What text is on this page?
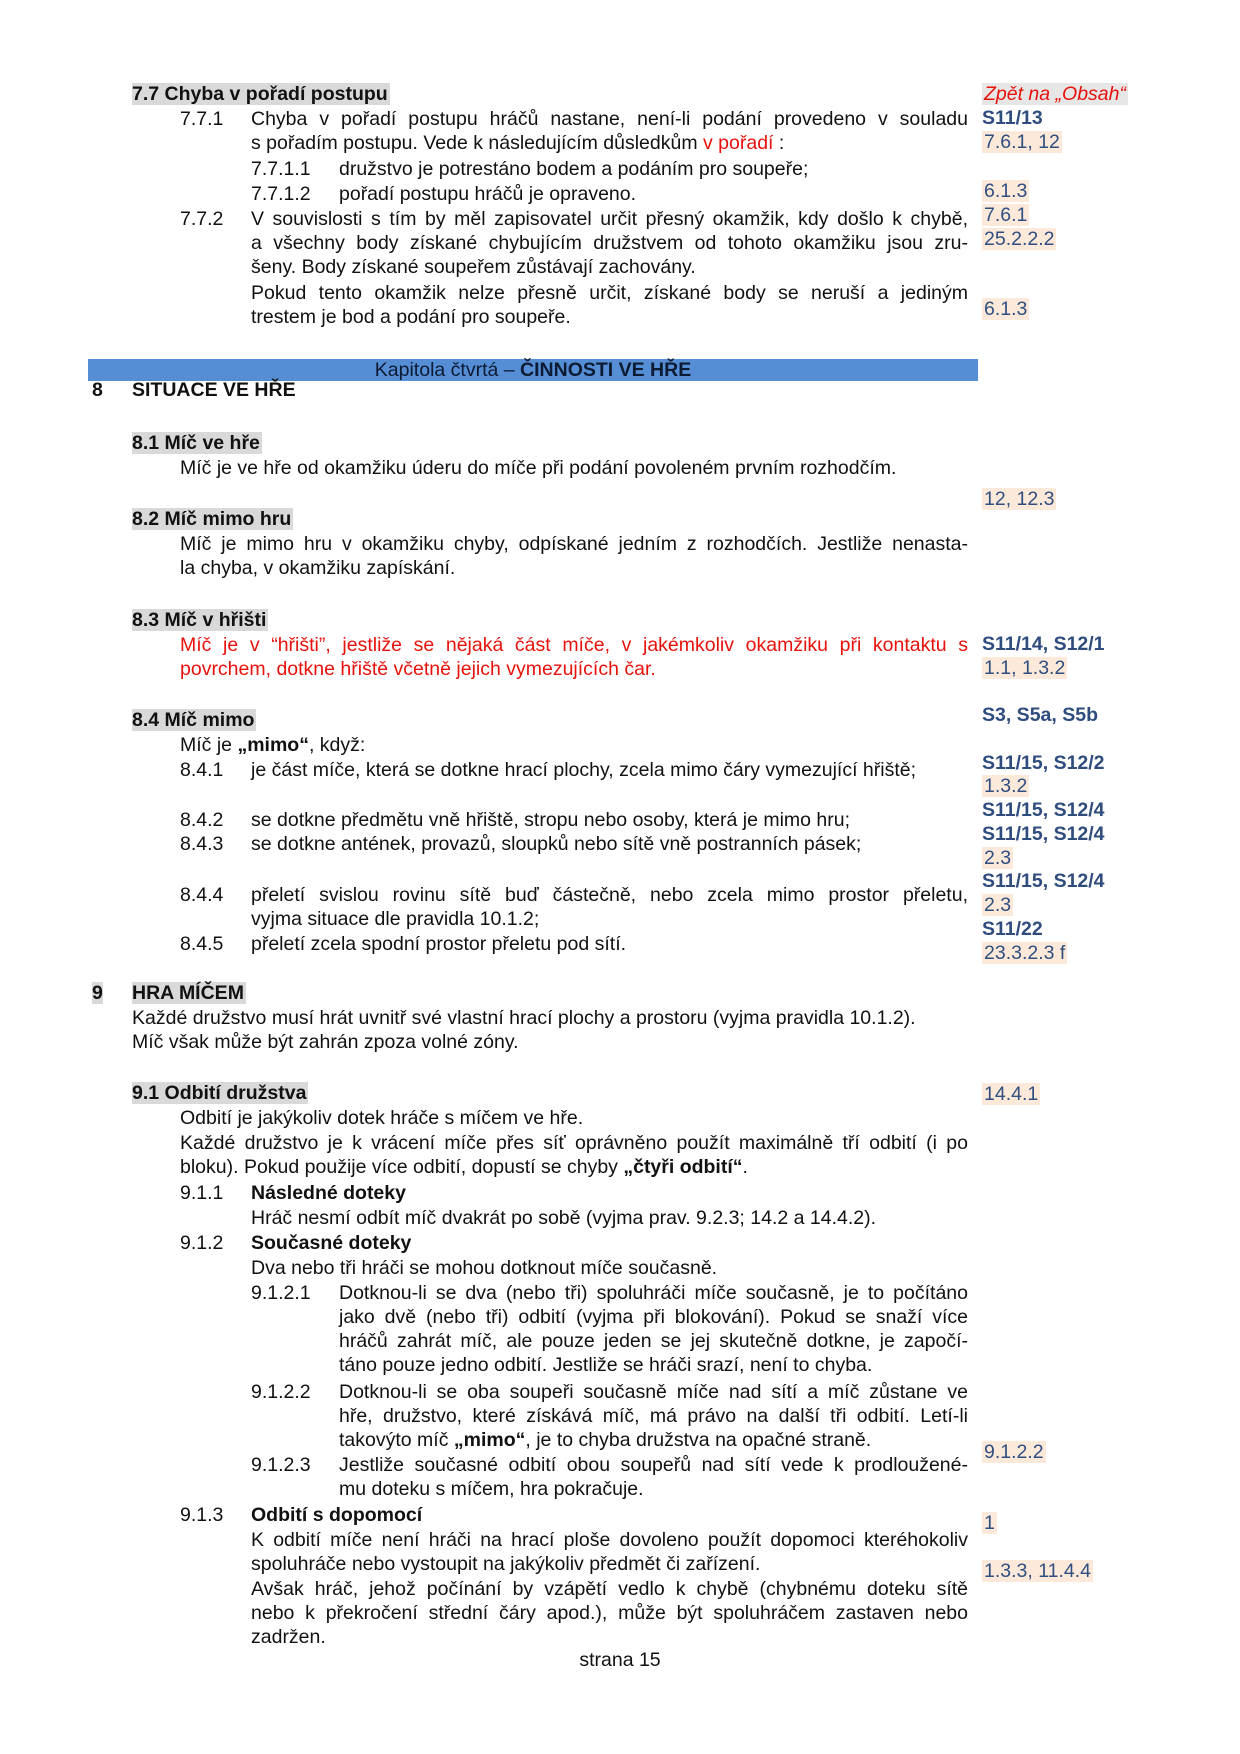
7.7 Chyba v pořadí postupu
7.7.1 Chyba v pořadí postupu hráčů nastane, není-li podání provedeno v souladu
s pořadím postupu. Vede k následujícím důsledkům v pořadí :
7.7.1.1 družstvo je potrestáno bodem a podáním pro soupeře;
7.7.1.2 pořadí postupu hráčů je opraveno.
7.7.2 V souvislosti s tím by měl zapisovatel určit přesný okamžik, kdy došlo k chybě,
a všechny body získané chybujícím družstvem od tohoto okamžiku jsou zru-
šeny. Body získané soupeřem zůstávají zachovány.
Pokud tento okamžik nelze přesně určit, získané body se neruší a jediným
trestem je bod a podání pro soupeře.
Kapitola čtvrtá – ČINNOSTI VE HŘE
8 SITUACE VE HŘE
8.1 Míč ve hře
Míč je ve hře od okamžiku úderu do míče při podání povoleném prvním rozhodčím.
8.2 Míč mimo hru
Míč je mimo hru v okamžiku chyby, odpískané jedním z rozhodčích. Jestliže nenasta-
la chyba, v okamžiku zapískání.
8.3 Míč v hřišti
Míč je v “hřišti”, jestliže se nějaká část míče, v jakémkoliv okamžiku při kontaktu s
povrchem, dotkne hřiště včetně jejich vymezujících čar.
8.4 Míč mimo
Míč je „mimo“, když:
8.4.1 je část míče, která se dotkne hrací plochy, zcela mimo čáry vymezující hřiště;
8.4.2 se dotkne předmětu vně hřiště, stropu nebo osoby, která je mimo hru;
8.4.3 se dotkne antének, provazů, sloupků nebo sítě vně postranních pásek;
8.4.4 přeletí svislou rovinu sítě buď částečně, nebo zcela mimo prostor přeletu,
vyjma situace dle pravidla 10.1.2;
8.4.5 přeletí zcela spodní prostor přeletu pod sítí.
9 HRA MÍČEM
Každé družstvo musí hrát uvnitř své vlastní hrací plochy a prostoru (vyjma pravidla 10.1.2).
Míč však může být zahrán zpoza volné zóny.
9.1 Odbití družstva
Odbití je jakýkoliv dotek hráče s míčem ve hře.
Každé družstvo je k vrácení míče přes síť oprávněno použít maximálně tří odbití (i po
bloku). Pokud použije více odbití, dopustí se chyby „čtyři odbití“.
9.1.1 Následné doteky
Hráč nesmí odbít míč dvakrát po sobě (vyjma prav. 9.2.3; 14.2 a 14.4.2).
9.1.2 Současné doteky
Dva nebo tři hráči se mohou dotknout míče současně.
9.1.2.1 Dotknou-li se dva (nebo tři) spoluhráči míče současně, je to počítáno
jako dvě (nebo tři) odbití (vyjma při blokování). Pokud se snaží více
hráčů zahrát míč, ale pouze jeden se jej skutečně dotkne, je započí-
táno pouze jedno odbití. Jestliže se hráči srazí, není to chyba.
9.1.2.2 Dotknou-li se oba soupeři současně míče nad sítí a míč zůstane ve
hře, družstvo, které získává míč, má právo na další tři odbití. Letí-li
takovýto míč „mimo“, je to chyba družstva na opačné straně.
9.1.2.3 Jestliže současné odbití obou soupeřů nad sítí vede k prodloužené-
mu doteku s míčem, hra pokračuje.
9.1.3 Odbití s dopomocí
K odbití míče není hráči na hrací ploše dovoleno použít dopomoci kteréhokoliv
spoluhráče nebo vystoupit na jakýkoliv předmět či zařízení.
Avšak hráč, jehož počínání by vzápětí vedlo k chybě (chybnému doteku sítě
nebo k překročení střední čáry apod.), může být spoluhráčem zastaven nebo
zadržen.
Zpět na „Obsah“
S11/13
7.6.1, 12
6.1.3
7.6.1
25.2.2.2
6.1.3
12, 12.3
S11/14, S12/1
1.1, 1.3.2
S3, S5a, S5b
S11/15, S12/2
1.3.2
S11/15, S12/4
S11/15, S12/4
2.3
S11/15, S12/4
2.3
S11/22
23.3.2.3 f
14.4.1
9.1.2.2
1
1.3.3, 11.4.4
strana 15
